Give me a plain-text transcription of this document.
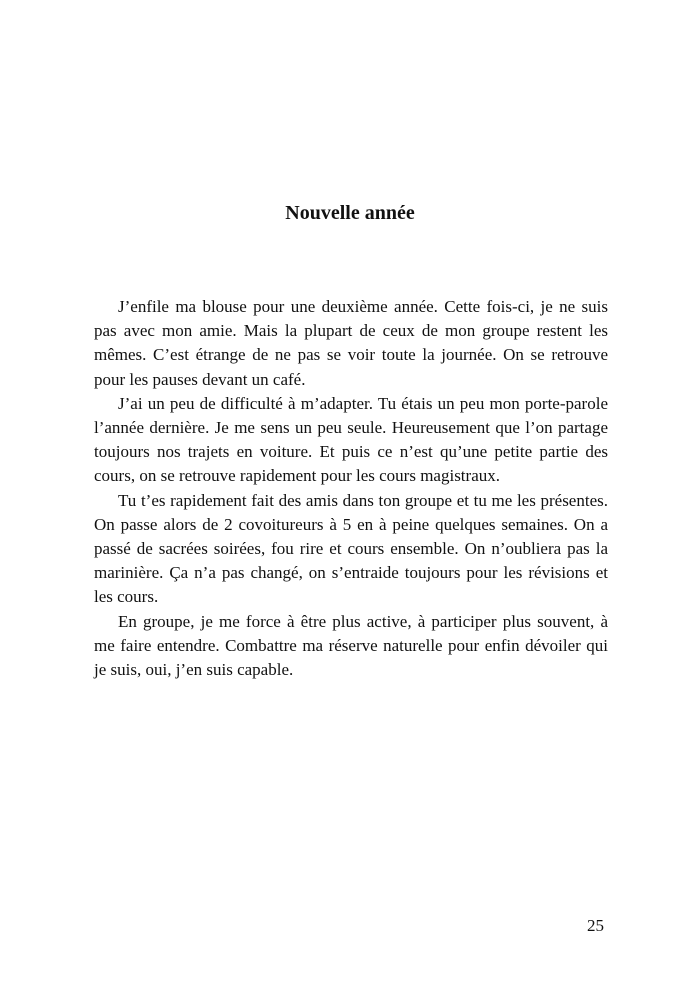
Nouvelle année

J’enfile ma blouse pour une deuxième année. Cette fois-ci, je ne suis pas avec mon amie. Mais la plupart de ceux de mon groupe restent les mêmes. C’est étrange de ne pas se voir toute la journée. On se retrouve pour les pauses devant un café.

J’ai un peu de difficulté à m’adapter. Tu étais un peu mon porte-parole l’année dernière. Je me sens un peu seule. Heureusement que l’on partage toujours nos trajets en voiture. Et puis ce n’est qu’une petite partie des cours, on se retrouve rapidement pour les cours magistraux.

Tu t’es rapidement fait des amis dans ton groupe et tu me les présentes. On passe alors de 2 covoitureurs à 5 en à peine quelques semaines. On a passé de sacrées soirées, fou rire et cours ensemble. On n’oubliera pas la marinière. Ça n’a pas changé, on s’entraide toujours pour les révisions et les cours.

En groupe, je me force à être plus active, à participer plus souvent, à me faire entendre. Combattre ma réserve naturelle pour enfin dévoiler qui je suis, oui, j’en suis capable.

25
